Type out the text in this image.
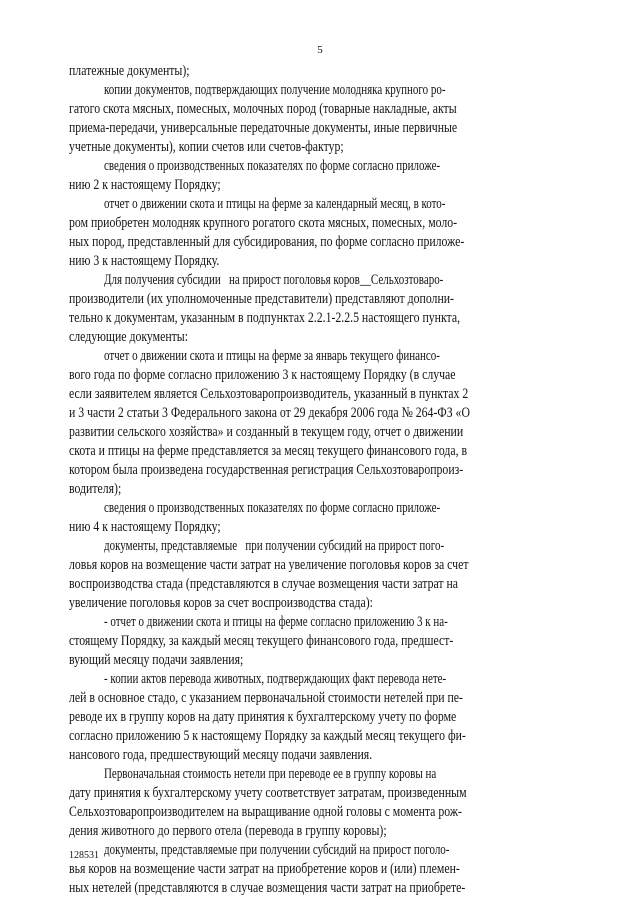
5
платежные документы);
копии документов, подтверждающих получение молодняка крупного ро-
гатого скота мясных, помесных, молочных пород (товарные накладные, акты
приема-передачи, универсальные передаточные документы, иные первичные
учетные документы), копии счетов или счетов-фактур;
сведения о производственных показателях по форме согласно приложе-
нию 2 к настоящему Порядку;
отчет о движении скота и птицы на ферме за календарный месяц, в кото-
ром приобретен молодняк крупного рогатого скота мясных, помесных, моло-
ных пород, представленный для субсидирования, по форме согласно приложе-
нию 3 к настоящему Порядку.
Для получения субсидии   на прирост поголовья коров__Сельхозтоваро-
производители (их уполномоченные представители) представляют дополни-
тельно к документам, указанным в подпунктах 2.2.1-2.2.5 настоящего пункта,
следующие документы:
отчет о движении скота и птицы на ферме за январь текущего финансо-
вого года по форме согласно приложению 3 к настоящему Порядку (в случае
если заявителем является Сельхозтоваропроизводитель, указанный в пунктах 2
и 3 части 2 статьи 3 Федерального закона от 29 декабря 2006 года № 264-ФЗ «О
развитии сельского хозяйства» и созданный в текущем году, отчет о движении
скота и птицы на ферме представляется за месяц текущего финансового года, в
котором была произведена государственная регистрация Сельхозтоваропроиз-
водителя);
сведения о производственных показателях по форме согласно приложе-
нию 4 к настоящему Порядку;
документы, представляемые   при получении субсидий на прирост пого-
ловья коров на возмещение части затрат на увеличение поголовья коров за счет
воспроизводства стада (представляются в случае возмещения части затрат на
увеличение поголовья коров за счет воспроизводства стада):
- отчет о движении скота и птицы на ферме согласно приложению 3 к на-
стоящему Порядку, за каждый месяц текущего финансового года, предшест-
вующий месяцу подачи заявления;
- копии актов перевода животных, подтверждающих факт перевода нете-
лей в основное стадо, с указанием первоначальной стоимости нетелей при пе-
реводе их в группу коров на дату принятия к бухгалтерскому учету по форме
согласно приложению 5 к настоящему Порядку за каждый месяц текущего фи-
нансового года, предшествующий месяцу подачи заявления.
Первоначальная стоимость нетели при переводе ее в группу коровы на
дату принятия к бухгалтерскому учету соответствует затратам, произведенным
Сельхозтоваропроизводителем на выращивание одной головы с момента рож-
дения животного до первого отела (перевода в группу коровы);
документы, представляемые при получении субсидий на прирост поголо-
вья коров на возмещение части затрат на приобретение коров и (или) племен-
ных нетелей (представляются в случае возмещения части затрат на приобрете-
128531
